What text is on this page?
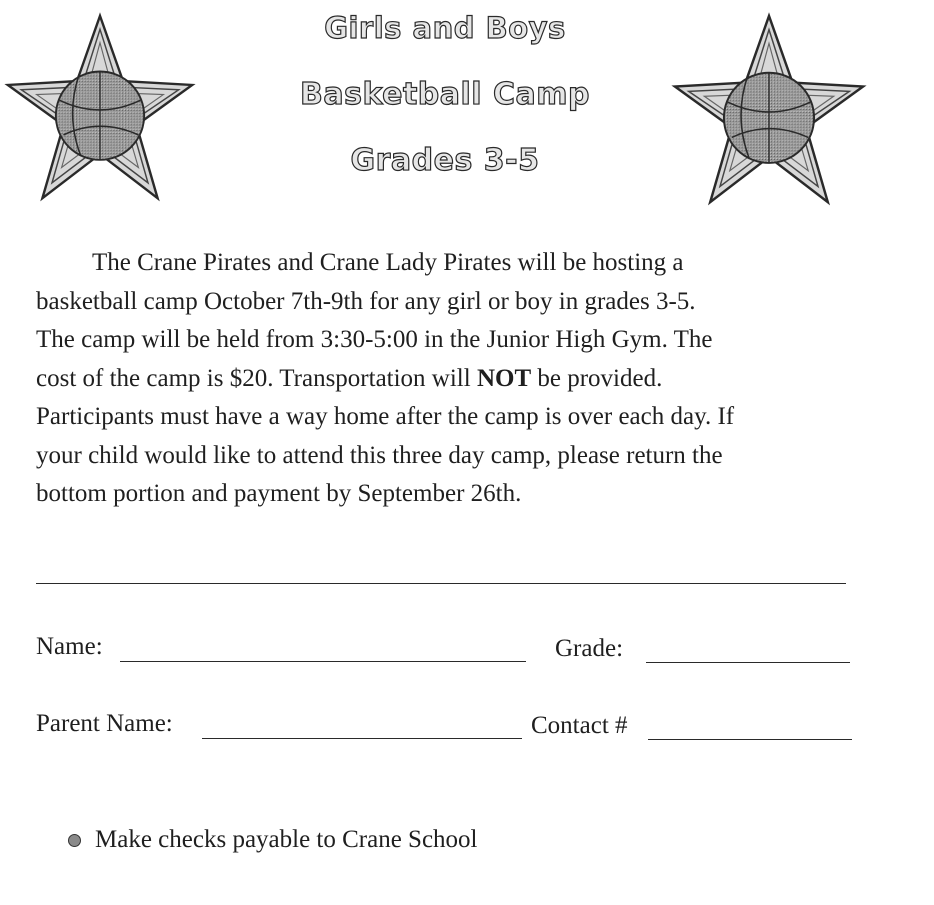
Girls and Boys
Basketball Camp
Grades 3-5
The Crane Pirates and Crane Lady Pirates will be hosting a
basketball camp October 7th-9th for any girl or boy in grades 3-5.
The camp will be held from 3:30-5:00 in the Junior High Gym. The
cost of the camp is $20. Transportation will NOT be provided.
Participants must have a way home after the camp is over each day. If
your child would like to attend this three day camp, please return the
bottom portion and payment by September 26th.
Name:	Grade:
Parent Name:	Contact #
Make checks payable to Crane School
